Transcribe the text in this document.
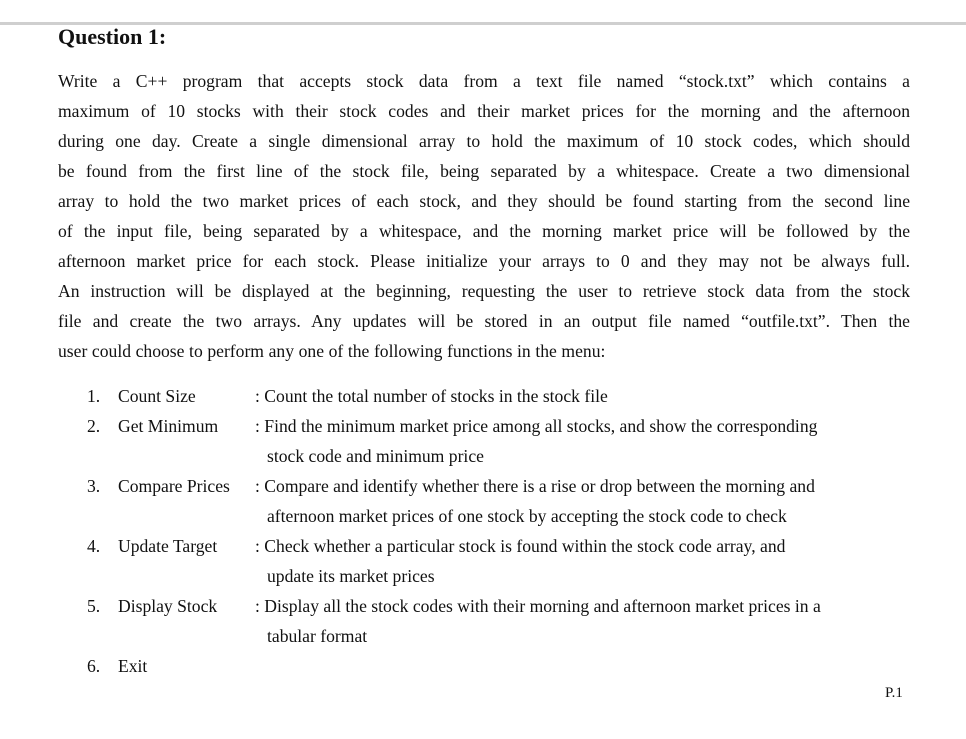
Question 1:
Write a C++ program that accepts stock data from a text file named “stock.txt” which contains a
maximum of 10 stocks with their stock codes and their market prices for the morning and the afternoon
during one day. Create a single dimensional array to hold the maximum of 10 stock codes, which should
be found from the first line of the stock file, being separated by a whitespace. Create a two dimensional
array to hold the two market prices of each stock, and they should be found starting from the second line
of the input file, being separated by a whitespace, and the morning market price will be followed by the
afternoon market price for each stock. Please initialize your arrays to 0 and they may not be always full.
An instruction will be displayed at the beginning, requesting the user to retrieve stock data from the stock
file and create the two arrays. Any updates will be stored in an output file named “outfile.txt”. Then the
user could choose to perform any one of the following functions in the menu:
1.	Count Size	: Count the total number of stocks in the stock file
2.	Get Minimum : Find the minimum market price among all stocks, and show the corresponding
stock code and minimum price
3.	Compare Prices : Compare and identify whether there is a rise or drop between the morning and
afternoon market prices of one stock by accepting the stock code to check
4.	Update Target : Check whether a particular stock is found within the stock code array, and
update its market prices
5.	Display Stock : Display all the stock codes with their morning and afternoon market prices in a
tabular format
6.	Exit
P.1
